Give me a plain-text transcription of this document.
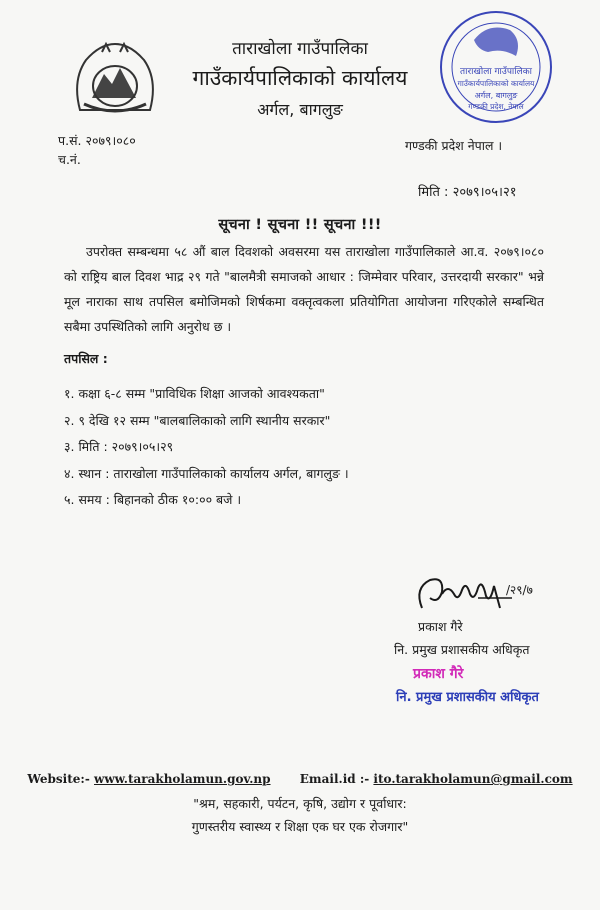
ताराखोला गाउँपालिका
गाउँकार्यपालिकाको कार्यालय
अर्गल, बागलुङ
गण्डकी प्रदेश, नेपाल
ताराखोला गाउँपालिका
गाउँकार्यपालिकाको कार्यालय
अर्गल, बागलुङ
प.सं. २०७९।०८०
च.नं.
गण्डकी प्रदेश नेपाल ।
मिति : २०७९।०५।२१
सूचना ! सूचना !! सूचना !!!
उपरोक्त सम्बन्धमा ५८ औं बाल दिवशको अवसरमा यस ताराखोला गाउँपालिकाले आ.व. २०७९।०८० को राष्ट्रिय बाल दिवश भाद्र २९ गते "बालमैत्री समाजको आधार : जिम्मेवार परिवार, उत्तरदायी सरकार" भन्ने मूल नाराका साथ तपसिल बमोजिमको शिर्षकमा वक्तृत्वकला प्रतियोगिता आयोजना गरिएकोले सम्बन्धित सबैमा उपस्थितिको लागि अनुरोध छ ।
तपसिल :
१. कक्षा ६-८ सम्म "प्राविधिक शिक्षा आजको आवश्यकता"
२. ९ देखि १२ सम्म "बालबालिकाको लागि स्थानीय सरकार"
३. मिति : २०७९।०५।२९
४. स्थान : ताराखोला गाउँपालिकाको कार्यालय अर्गल, बागलुङ ।
५. समय : बिहानको ठीक १०:०० बजे ।
/२९/७
प्रकाश गैरे
नि. प्रमुख प्रशासकीय अधिकृत
प्रकाश गैरे
नि. प्रमुख प्रशासकीय अधिकृत
Website:- www.tarakholamun.gov.np Email.id :- ito.tarakholamun@gmail.com
"श्रम, सहकारी, पर्यटन, कृषि, उद्योग र पूर्वाधार:
गुणस्तरीय स्वास्थ्य र शिक्षा एक घर एक रोजगार"
